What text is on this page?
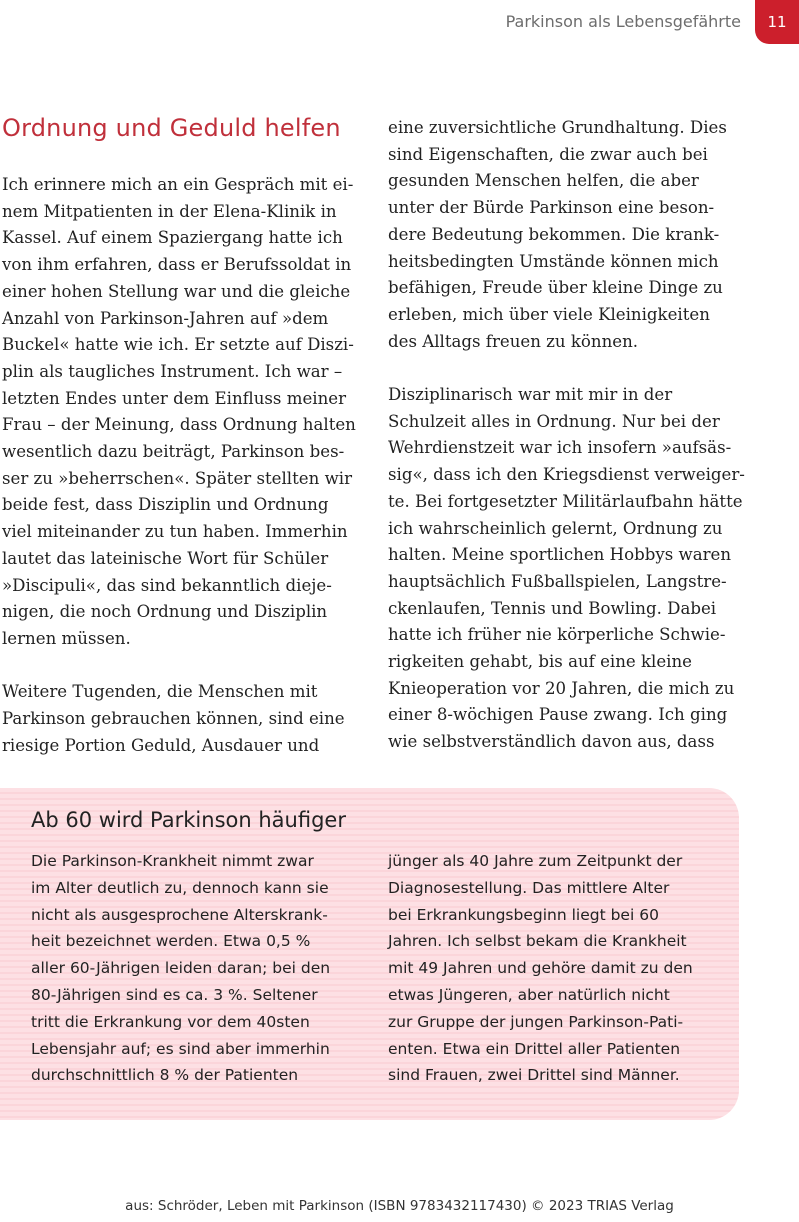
Parkinson als Lebensgefährte	11
Ordnung und Geduld helfen

Ich erinnere mich an ein Gespräch mit ei-

nem Mitpatienten in der Elena-Klinik in

Kassel. Auf einem Spaziergang hatte ich

von ihm erfahren, dass er Berufssoldat in

einer hohen Stellung war und die gleiche

Anzahl von Parkinson-Jahren auf »dem

Buckel« hatte wie ich. Er setzte auf Diszi-

plin als taugliches Instrument. Ich war –

letzten Endes unter dem Einfluss meiner

Frau – der Meinung, dass Ordnung halten

wesentlich dazu beiträgt, Parkinson bes-

ser zu »beherrschen«. Später stellten wir

beide fest, dass Disziplin und Ordnung

viel miteinander zu tun haben. Immerhin

lautet das lateinische Wort für Schüler

»Discipuli«, das sind bekanntlich dieje-

nigen, die noch Ordnung und Disziplin

lernen müssen.

Weitere Tugenden, die Menschen mit

Parkinson gebrauchen können, sind eine

riesige Portion Geduld, Ausdauer und

eine zuversichtliche Grundhaltung. Dies

sind Eigenschaften, die zwar auch bei

gesunden Menschen helfen, die aber

unter der Bürde Parkinson eine beson-

dere Bedeutung bekommen. Die krank-

heitsbedingten Umstände können mich

befähigen, Freude über kleine Dinge zu

erleben, mich über viele Kleinigkeiten

des Alltags freuen zu können.

Disziplinarisch war mit mir in der

Schulzeit alles in Ordnung. Nur bei der

Wehrdienstzeit war ich insofern »aufsäs-

sig«, dass ich den Kriegsdienst verweiger-

te. Bei fortgesetzter Militärlaufbahn hätte

ich wahrscheinlich gelernt, Ordnung zu

halten. Meine sportlichen Hobbys waren

hauptsächlich Fußballspielen, Langstre-

ckenlaufen, Tennis und Bowling. Dabei

hatte ich früher nie körperliche Schwie-

rigkeiten gehabt, bis auf eine kleine

Knieoperation vor 20 Jahren, die mich zu

einer 8-wöchigen Pause zwang. Ich ging

wie selbstverständlich davon aus, dass

Ab 60 wird Parkinson häufiger

Die Parkinson-Krankheit nimmt zwar

im Alter deutlich zu, dennoch kann sie

nicht als ausgesprochene Alterskrank-

heit bezeichnet werden. Etwa 0,5 %

aller 60-Jährigen leiden daran; bei den

80-Jährigen sind es ca. 3 %. Seltener

tritt die Erkrankung vor dem 40sten

Lebensjahr auf; es sind aber immerhin

durchschnittlich 8 % der Patienten

jünger als 40 Jahre zum Zeitpunkt der

Diagnosestellung. Das mittlere Alter

bei Erkrankungsbeginn liegt bei 60

Jahren. Ich selbst bekam die Krankheit

mit 49 Jahren und gehöre damit zu den

etwas Jüngeren, aber natürlich nicht

zur Gruppe der jungen Parkinson-Pati-

enten. Etwa ein Drittel aller Patienten

sind Frauen, zwei Drittel sind Männer.

aus: Schröder, Leben mit Parkinson (ISBN 9783432117430) © 2023 TRIAS Verlag
